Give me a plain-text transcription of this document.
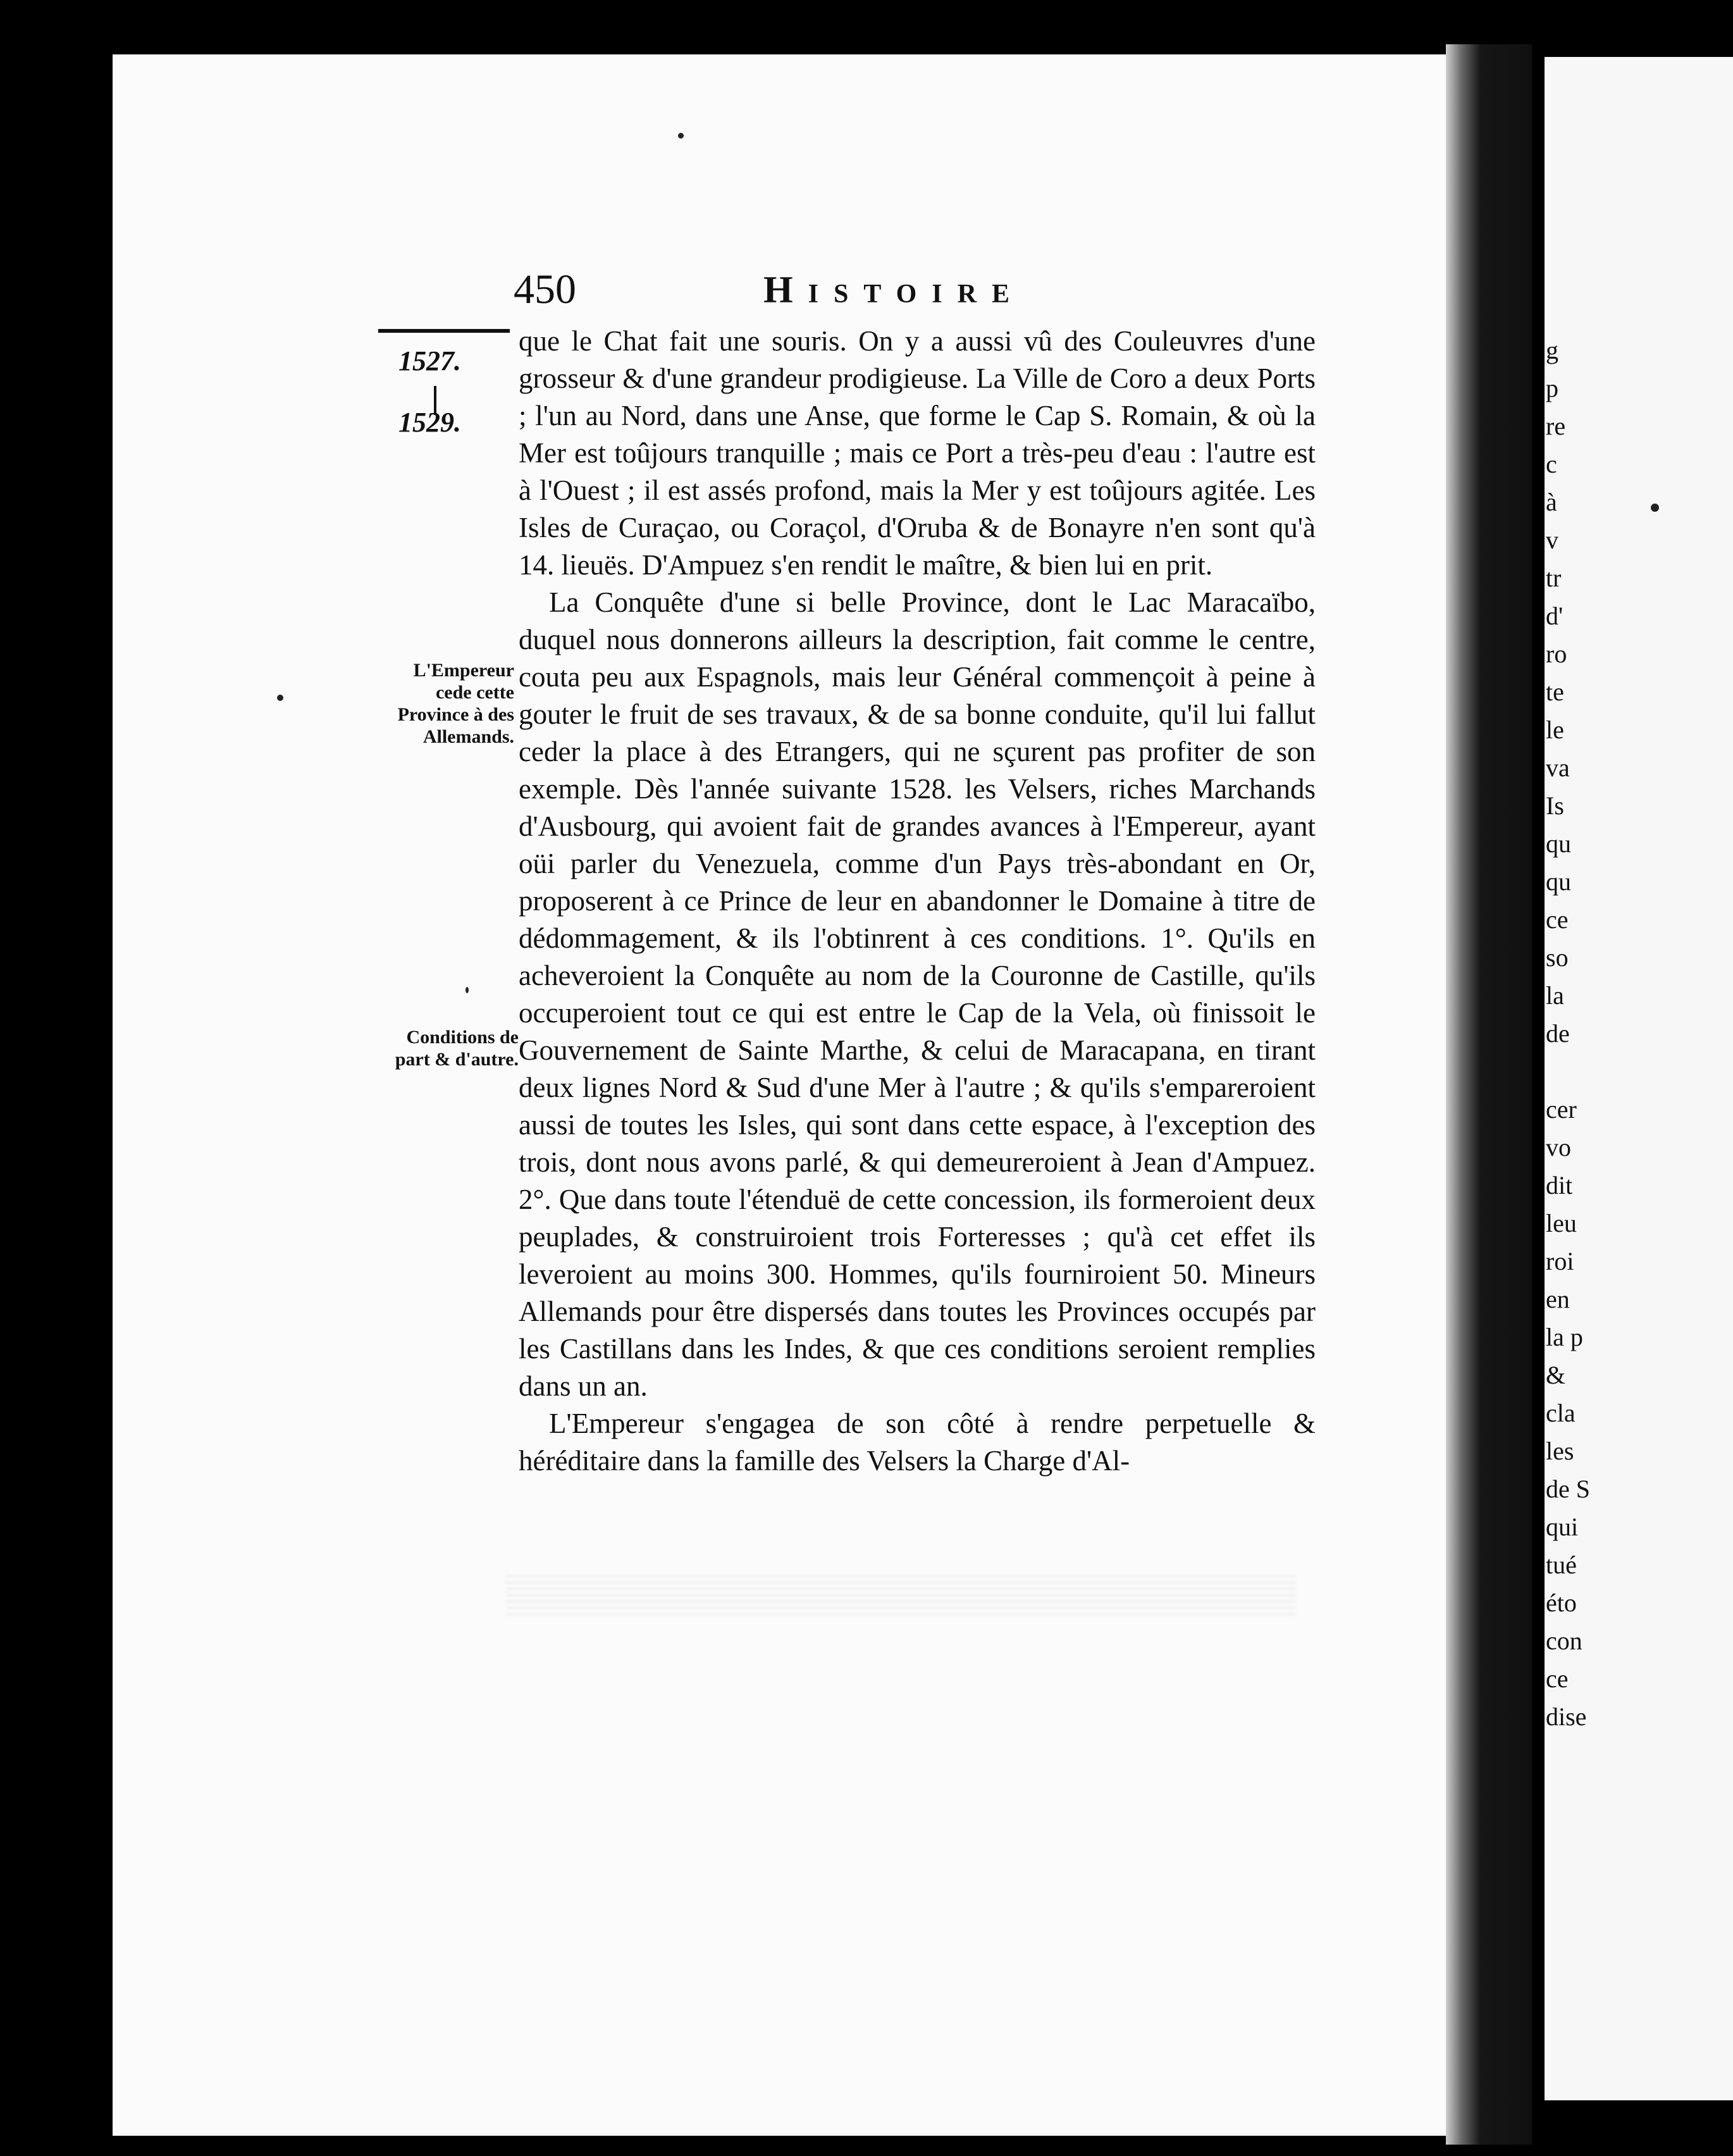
450	Histoire
1527.
1529.
L'Empereur cede cette Province à des Allemands.
Conditions de part & d'autre.

que le Chat fait une souris. On y a aussi vû des Couleuvres d'une grosseur & d'une grandeur prodigieuse. La Ville de Coro a deux Ports ; l'un au Nord, dans une Anse, que forme le Cap S. Romain, & où la Mer est toûjours tranquille ; mais ce Port a très-peu d'eau : l'autre est à l'Ouest ; il est assés profond, mais la Mer y est toûjours agitée. Les Isles de Curaçao, ou Coraçol, d'Oruba & de Bonayre n'en sont qu'à 14. lieuës. D'Ampuez s'en rendit le maître, & bien lui en prit.

La Conquête d'une si belle Province, dont le Lac Maracaïbo, duquel nous donnerons ailleurs la description, fait comme le centre, couta peu aux Espagnols, mais leur Général commençoit à peine à gouter le fruit de ses travaux, & de sa bonne conduite, qu'il lui fallut ceder la place à des Etrangers, qui ne sçurent pas profiter de son exemple. Dès l'année suivante 1528. les Velsers, riches Marchands d'Ausbourg, qui avoient fait de grandes avances à l'Empereur, ayant oüi parler du Venezuela, comme d'un Pays très-abondant en Or, proposerent à ce Prince de leur en abandonner le Domaine à titre de dédommagement, & ils l'obtinrent à ces conditions. 1°. Qu'ils en acheveroient la Conquête au nom de la Couronne de Castille, qu'ils occuperoient tout ce qui est entre le Cap de la Vela, où finissoit le Gouvernement de Sainte Marthe, & celui de Maracapana, en tirant deux lignes Nord & Sud d'une Mer à l'autre ; & qu'ils s'empareroient aussi de toutes les Isles, qui sont dans cette espace, à l'exception des trois, dont nous avons parlé, & qui demeureroient à Jean d'Ampuez. 2°. Que dans toute l'étenduë de cette concession, ils formeroient deux peuplades, & construiroient trois Forteresses ; qu'à cet effet ils leveroient au moins 300. Hommes, qu'ils fourniroient 50. Mineurs Allemands pour être dispersés dans toutes les Provinces occupés par les Castillans dans les Indes, & que ces conditions seroient remplies dans un an.

L'Empereur s'engagea de son côté à rendre perpetuelle & héréditaire dans la famille des Velsers la Charge d'Al-

g
p
re
c
à
v
tr
d'
ro
te
le
va
Is
qu
qu
ce
so
la
de
cer
vo
dit
leu
roi
en
la p
&
cla
les
de S
qui
tué
éto
con
ce
dise
